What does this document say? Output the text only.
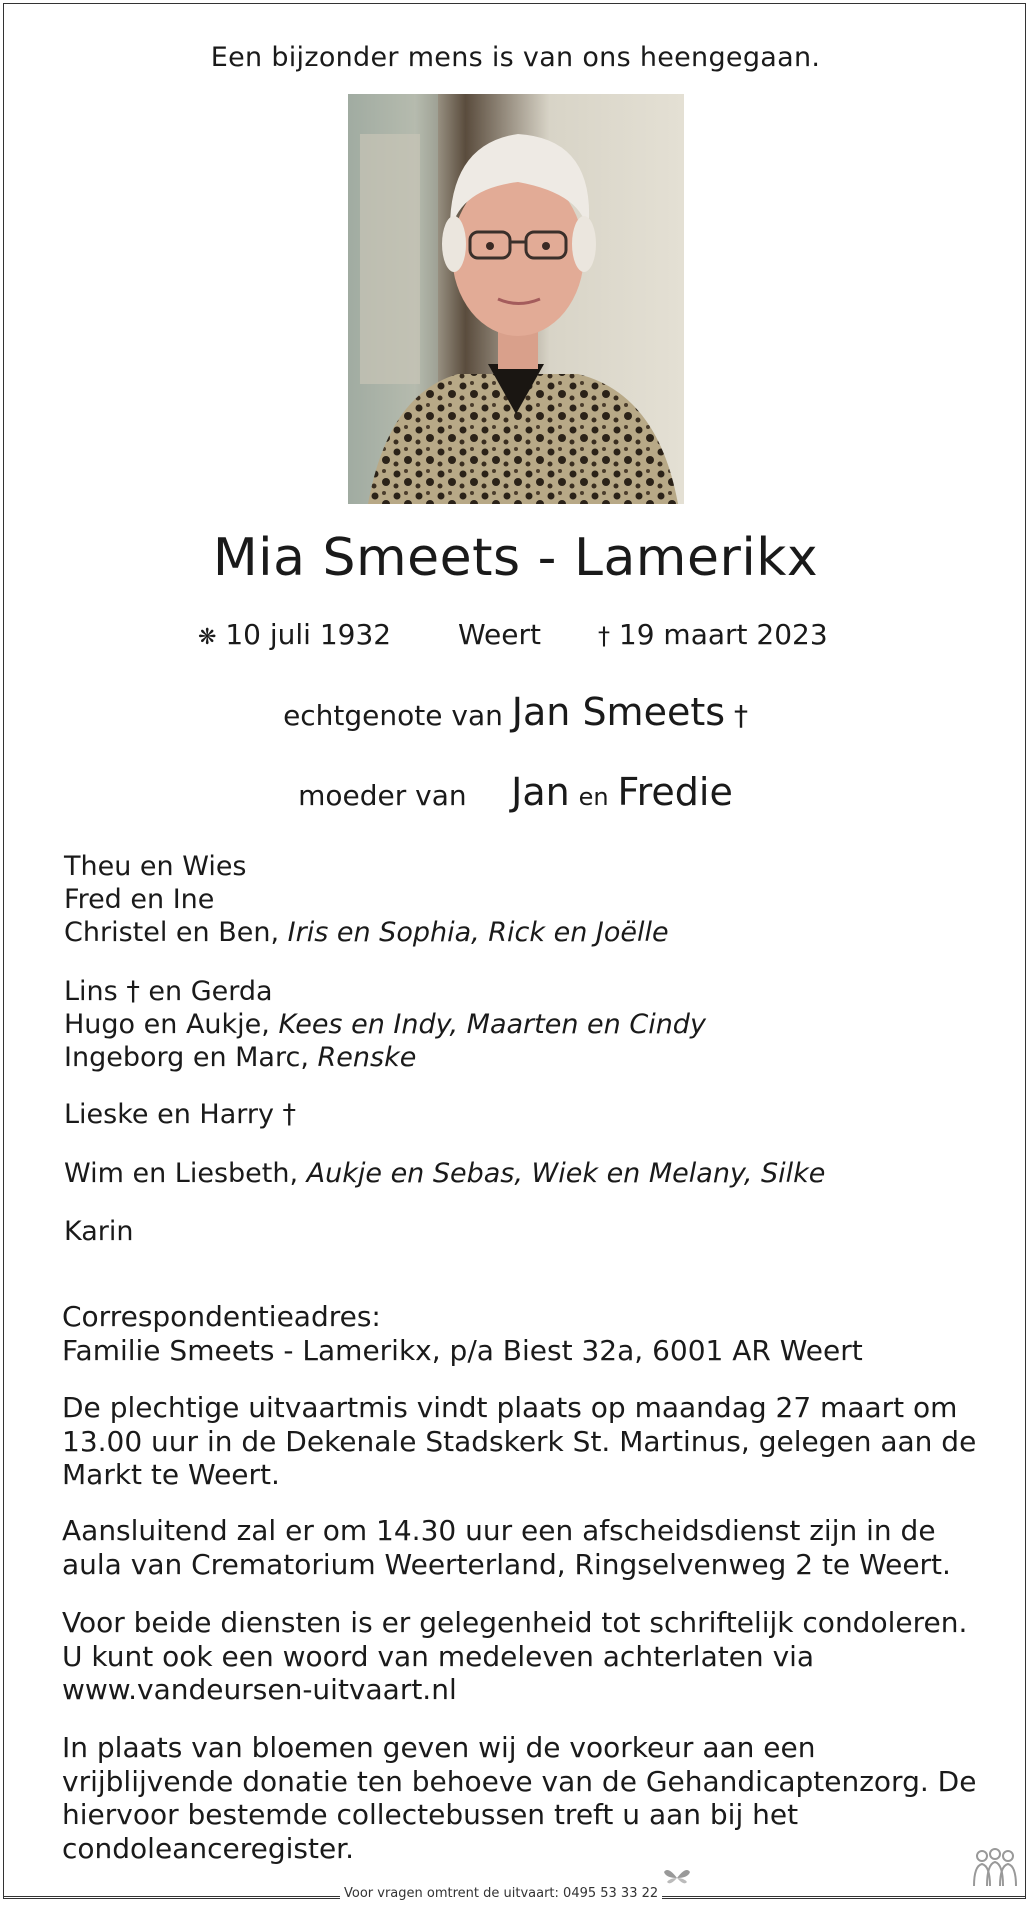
Een bijzonder mens is van ons heengegaan.
Mia Smeets - Lamerikx
❋ 10 juli 1932 Weert † 19 maart 2023
echtgenote van Jan Smeets †
moeder van Jan en Fredie
Theu en Wies
Fred en Ine
Christel en Ben, Iris en Sophia, Rick en Joëlle
Lins † en Gerda
Hugo en Aukje, Kees en Indy, Maarten en Cindy
Ingeborg en Marc, Renske
Lieske en Harry †
Wim en Liesbeth, Aukje en Sebas, Wiek en Melany, Silke
Karin
Correspondentieadres:
Familie Smeets - Lamerikx, p/a Biest 32a, 6001 AR Weert
De plechtige uitvaartmis vindt plaats op maandag 27 maart om 13.00 uur in de Dekenale Stadskerk St. Martinus, gelegen aan de Markt te Weert.
Aansluitend zal er om 14.30 uur een afscheidsdienst zijn in de aula van Crematorium Weerterland, Ringselvenweg 2 te Weert.
Voor beide diensten is er gelegenheid tot schriftelijk condoleren.
U kunt ook een woord van medeleven achterlaten via
www.vandeursen-uitvaart.nl
In plaats van bloemen geven wij de voorkeur aan een vrijblijvende donatie ten behoeve van de Gehandicaptenzorg. De hiervoor bestemde collectebussen treft u aan bij het condoleanceregister.
Voor vragen omtrent de uitvaart: 0495 53 33 22
